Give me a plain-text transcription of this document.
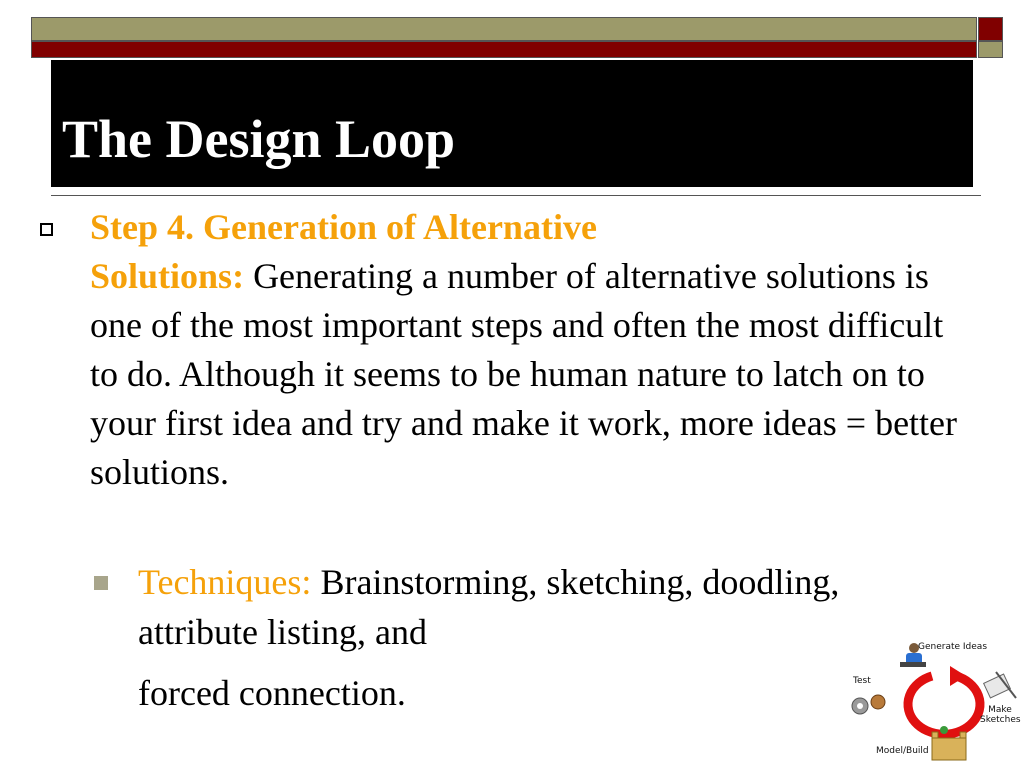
The Design Loop
Step 4. Generation of Alternative
Solutions: Generating a number of alternative solutions is one of the most important steps and often the most difficult to do. Although it seems to be human nature to latch on to your first idea and try and make it work, more ideas = better solutions.
Techniques: Brainstorming, sketching, doodling, attribute listing, and
forced connection.
Generate Ideas
Test
Make Sketches
Model/Build
